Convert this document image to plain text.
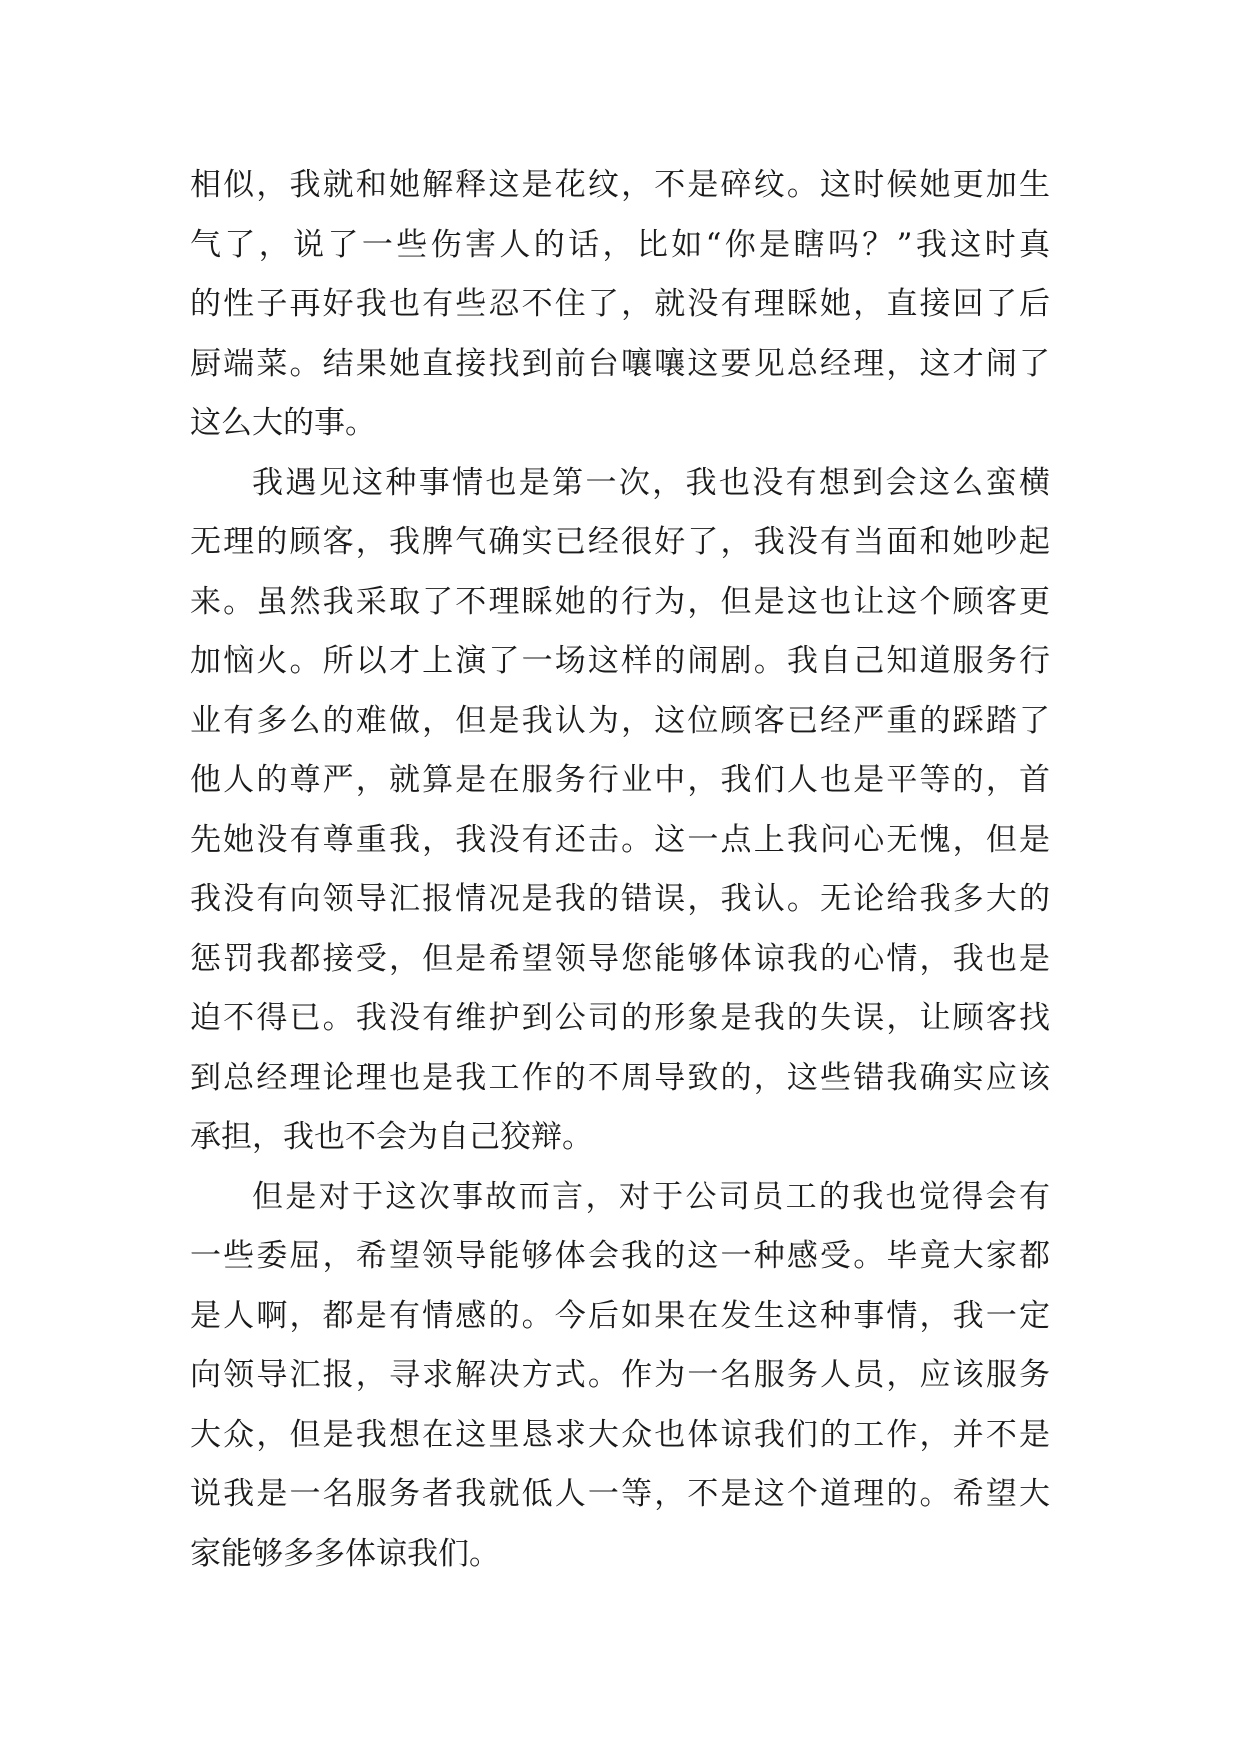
相似，我就和她解释这是花纹，不是碎纹。这时候她更加生
气了，说了一些伤害人的话，比如“你是瞎吗？”我这时真
的性子再好我也有些忍不住了，就没有理睬她，直接回了后
厨端菜。结果她直接找到前台嚷嚷这要见总经理，这才闹了
这么大的事。
我遇见这种事情也是第一次，我也没有想到会这么蛮横
无理的顾客，我脾气确实已经很好了，我没有当面和她吵起
来。虽然我采取了不理睬她的行为，但是这也让这个顾客更
加恼火。所以才上演了一场这样的闹剧。我自己知道服务行
业有多么的难做，但是我认为，这位顾客已经严重的踩踏了
他人的尊严，就算是在服务行业中，我们人也是平等的，首
先她没有尊重我，我没有还击。这一点上我问心无愧，但是
我没有向领导汇报情况是我的错误，我认。无论给我多大的
惩罚我都接受，但是希望领导您能够体谅我的心情，我也是
迫不得已。我没有维护到公司的形象是我的失误，让顾客找
到总经理论理也是我工作的不周导致的，这些错我确实应该
承担，我也不会为自己狡辩。
但是对于这次事故而言，对于公司员工的我也觉得会有
一些委屈，希望领导能够体会我的这一种感受。毕竟大家都
是人啊，都是有情感的。今后如果在发生这种事情，我一定
向领导汇报，寻求解决方式。作为一名服务人员，应该服务
大众，但是我想在这里恳求大众也体谅我们的工作，并不是
说我是一名服务者我就低人一等，不是这个道理的。希望大
家能够多多体谅我们。
